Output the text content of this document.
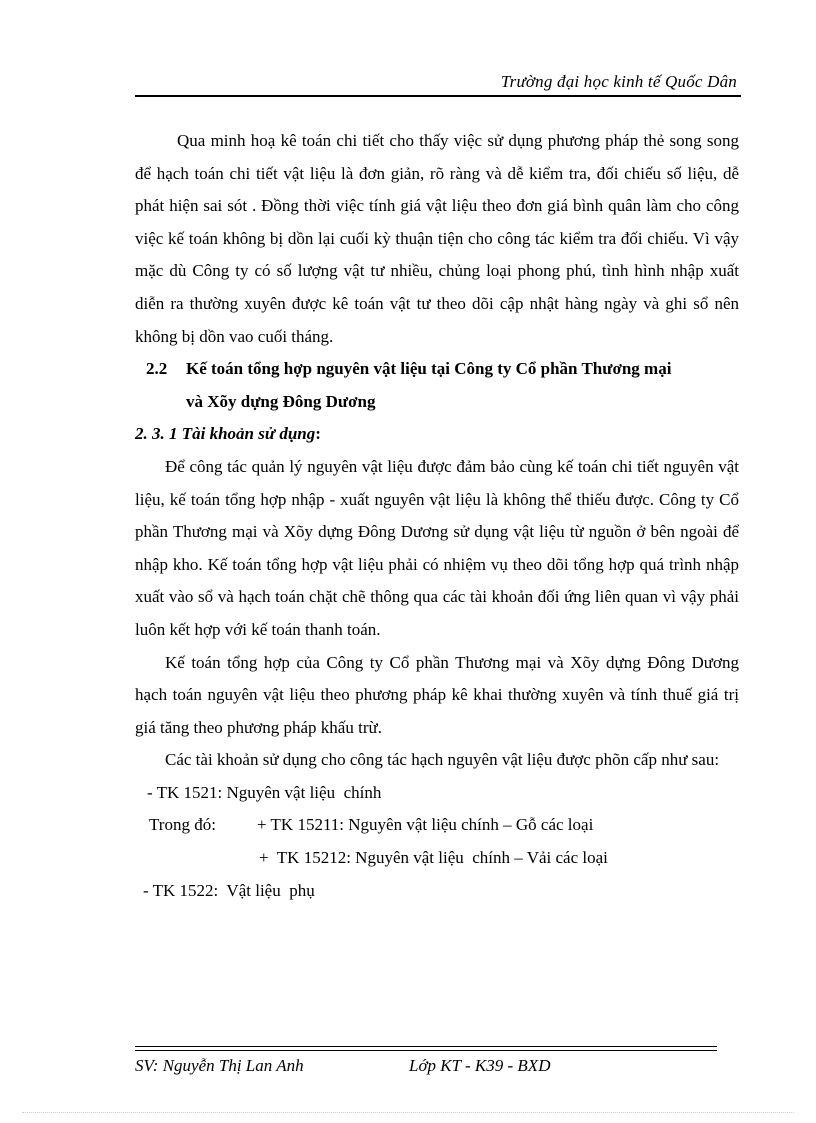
Trường đại học kinh tế Quốc Dân

Qua minh hoạ kê toán chi tiết cho thấy việc sử dụng phương pháp thẻ song song để hạch toán chi tiết vật liệu là đơn giản, rõ ràng và dễ kiểm tra, đối chiếu số liệu, dễ phát hiện sai sót . Đồng thời việc tính giá vật liệu theo đơn giá bình quân làm cho công việc kế toán không bị dồn lại cuối kỳ thuận tiện cho công tác kiểm tra đối chiếu. Vì vậy mặc dù Công ty có số lượng vật tư nhiều, chủng loại phong phú, tình hình nhập xuất diễn ra thường xuyên được kê toán vật tư theo dõi cập nhật hàng ngày và ghi sổ nên không bị dồn vao cuối tháng.

2.2	Kế toán tổng hợp nguyên vật liệu tại Công ty Cổ phần Thương mại
và Xõy dựng Đông Dương

2. 3. 1 Tài khoản sử dụng:

Để công tác quản lý nguyên vật liệu được đảm bảo cùng kế toán chi tiết nguyên vật liệu, kế toán tổng hợp nhập - xuất nguyên vật liệu là không thể thiếu được. Công ty Cổ phần Thương mại và Xõy dựng Đông Dương sử dụng vật liệu từ nguồn ở bên ngoài để nhập kho. Kế toán tổng hợp vật liệu phải có nhiệm vụ theo dõi tổng hợp quá trình nhập xuất vào sổ và hạch toán chặt chẽ thông qua các tài khoản đối ứng liên quan vì vậy phải luôn kết hợp với kế toán thanh toán.

Kế toán tổng hợp của Công ty Cổ phần Thương mại và Xõy dựng Đông Dương hạch toán nguyên vật liệu theo phương pháp kê khai thường xuyên và tính thuế giá trị giá tăng theo phương pháp khấu trừ.

Các tài khoản sử dụng cho công tác hạch nguyên vật liệu được phõn cấp như sau:

- TK 1521: Nguyên vật liệu  chính

Trong đó:	+ TK 15211: Nguyên vật liệu chính – Gỗ các loại

+  TK 15212: Nguyên vật liệu  chính – Vải các loại

- TK 1522:  Vật liệu  phụ

SV: Nguyễn Thị Lan Anh	Lớp KT - K39 - BXD
